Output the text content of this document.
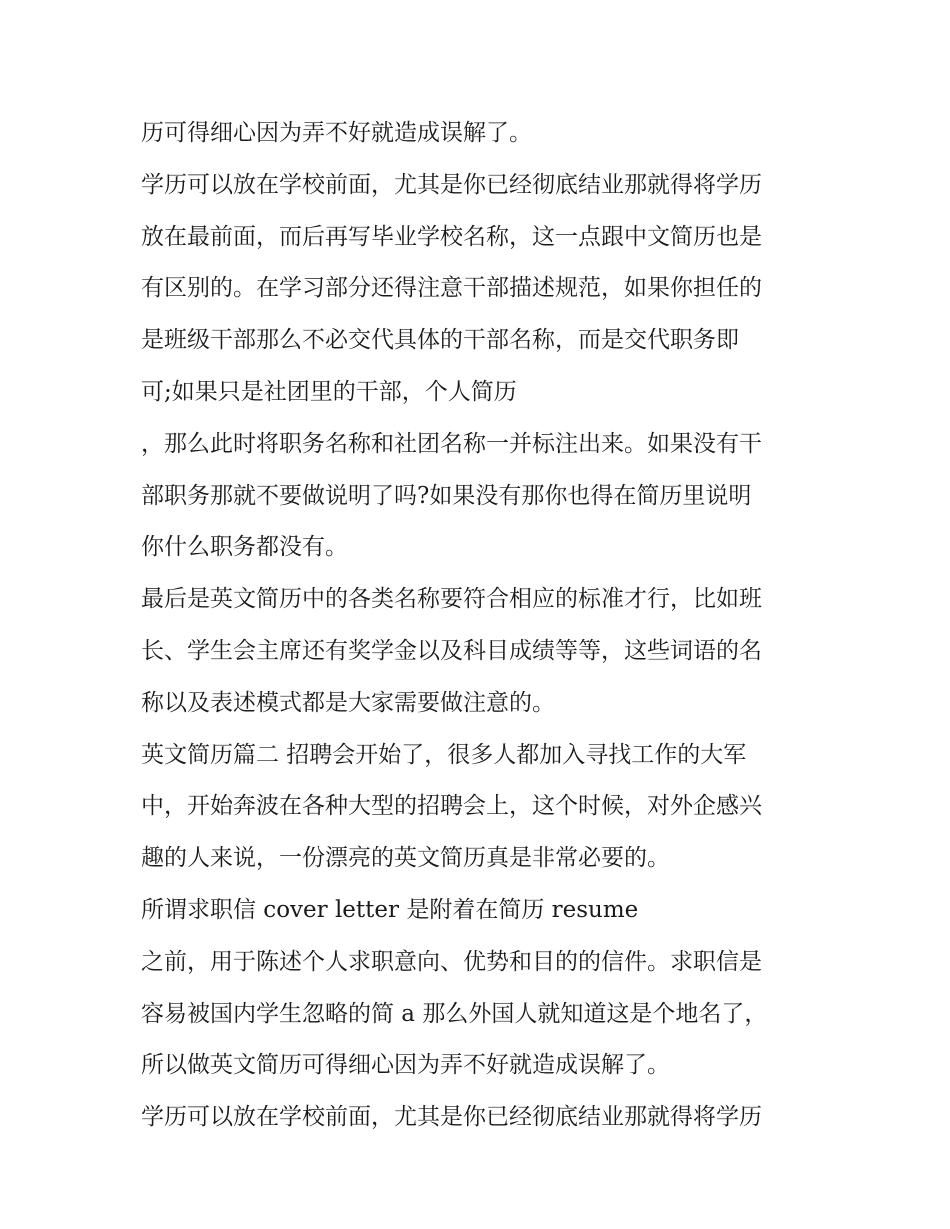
历可得细心因为弄不好就造成误解了。
学历可以放在学校前面，尤其是你已经彻底结业那就得将学历
放在最前面，而后再写毕业学校名称，这一点跟中文简历也是
有区别的。在学习部分还得注意干部描述规范，如果你担任的
是班级干部那么不必交代具体的干部名称，而是交代职务即
可;如果只是社团里的干部，个人简历
，那么此时将职务名称和社团名称一并标注出来。如果没有干
部职务那就不要做说明了吗?如果没有那你也得在简历里说明
你什么职务都没有。
最后是英文简历中的各类名称要符合相应的标准才行，比如班
长、学生会主席还有奖学金以及科目成绩等等，这些词语的名
称以及表述模式都是大家需要做注意的。
英文简历篇二 招聘会开始了，很多人都加入寻找工作的大军
中，开始奔波在各种大型的招聘会上，这个时候，对外企感兴
趣的人来说，一份漂亮的英文简历真是非常必要的。
所谓求职信 cover letter 是附着在简历 resume
之前，用于陈述个人求职意向、优势和目的的信件。求职信是
容易被国内学生忽略的简 a 那么外国人就知道这是个地名了，
所以做英文简历可得细心因为弄不好就造成误解了。
学历可以放在学校前面，尤其是你已经彻底结业那就得将学历
